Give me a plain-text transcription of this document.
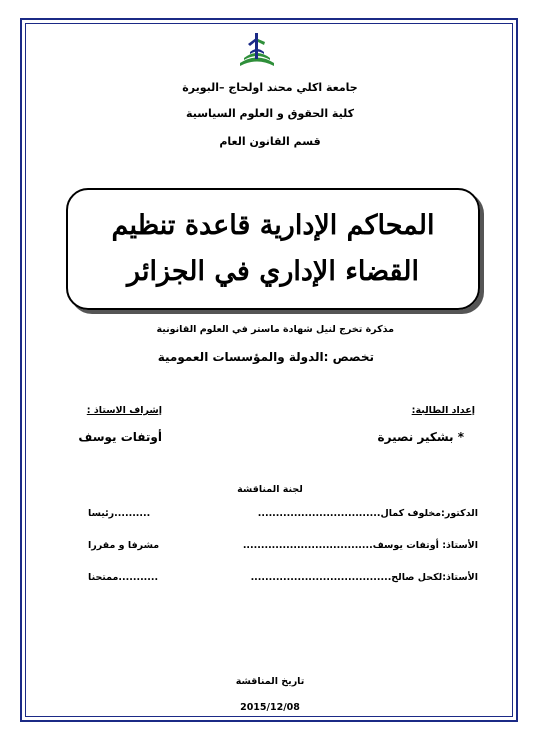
جامعة اكلي محند اولحاج –البويرة
كلية الحقوق و العلوم السياسية
قسم القانون العام
المحاكم الإدارية قاعدة تنظيم القضاء الإداري في الجزائر
مذكرة تخرج لنيل شهادة ماستر في العلوم القانونية
تخصص :الدولة والمؤسسات العمومية
إعداد الطالبة:
إشراف الاستاذ :
* بشكير نصيرة
أوتفات يوسف
لجنة المناقشة
الدكتور:مخلوف كمال..................................
..........رئيسا
الأستاذ: أوتفات يوسف....................................
مشرفا و مقررا
الأستاذ:لكحل صالح.......................................
...........ممتحنا
تاريخ المناقشة
2015/12/08
